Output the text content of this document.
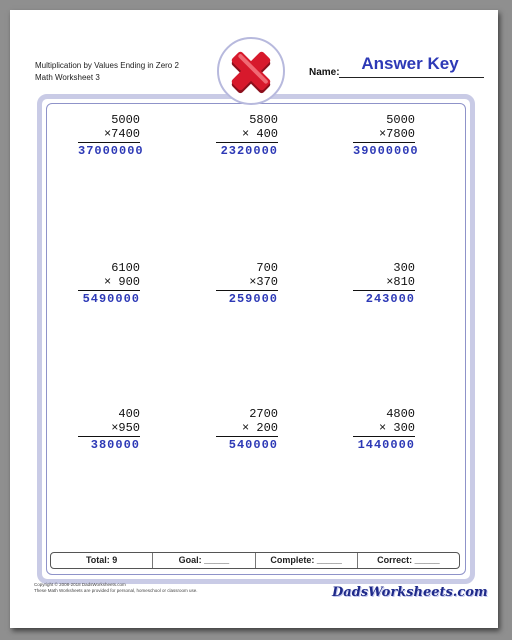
Multiplication by Values Ending in Zero 2
Math Worksheet 3	Name:	Answer Key
5000
×7400
37000000
5800
× 400
2320000
5000
×7800
39000000
6100
× 900
5490000
700
×370
259000
300
×810
243000
400
×950
380000
2700
× 200
540000
4800
× 300
1440000
Total: 9	Goal: _____	Complete: _____	Correct: _____
Copyright © 2008-2018 DadsWorksheets.com
These Math Worksheets are provided for personal, homeschool or classroom use.	DadsWorksheets.com
